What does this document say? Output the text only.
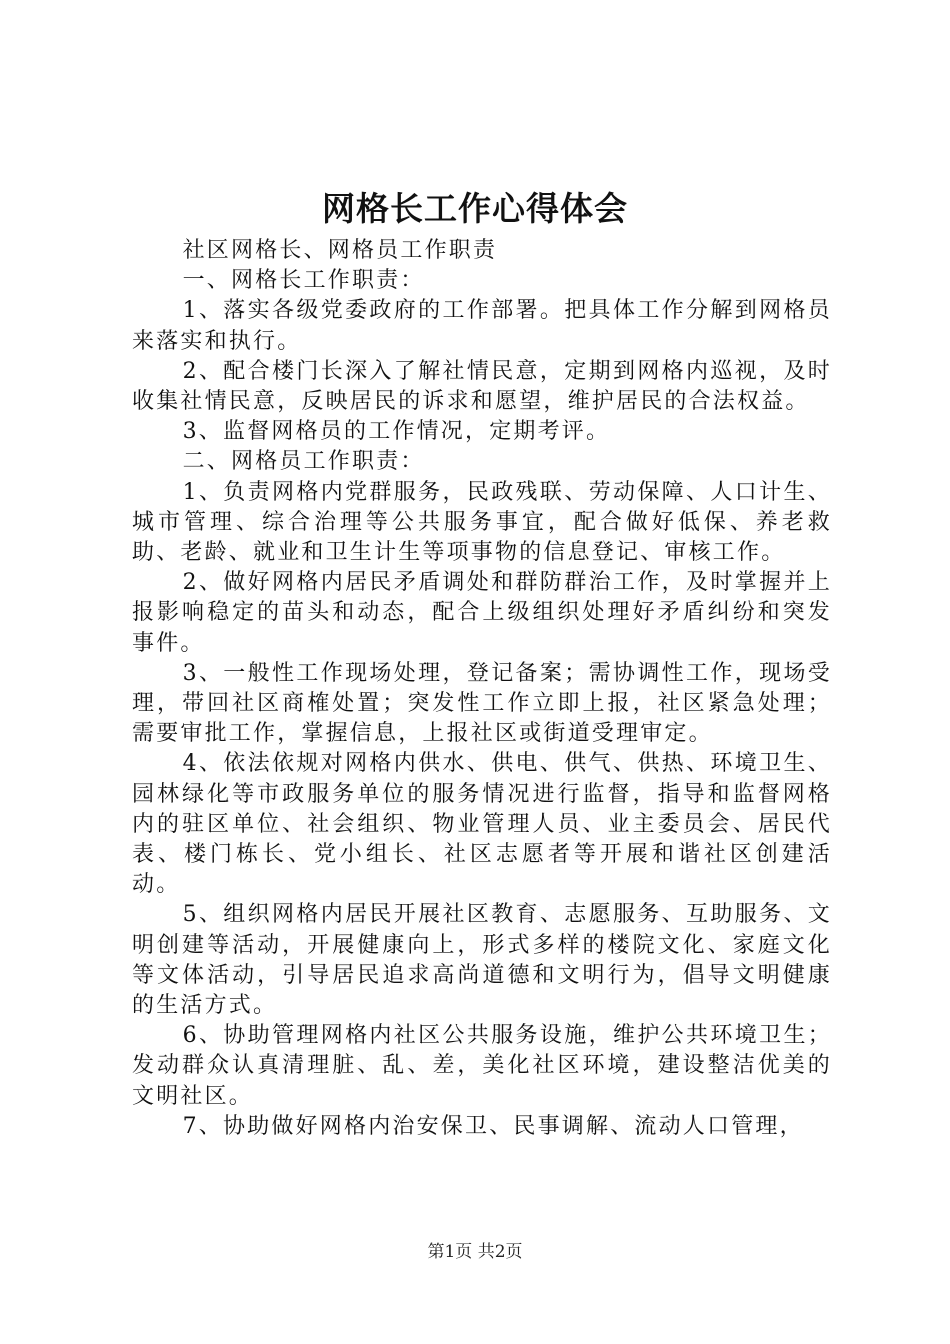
网格长工作心得体会

社区网格长、网格员工作职责

一、网格长工作职责：

1、落实各级党委政府的工作部署。把具体工作分解到网格员来落实和执行。

2、配合楼门长深入了解社情民意，定期到网格内巡视，及时收集社情民意，反映居民的诉求和愿望，维护居民的合法权益。

3、监督网格员的工作情况，定期考评。

二、网格员工作职责：

1、负责网格内党群服务，民政残联、劳动保障、人口计生、城市管理、综合治理等公共服务事宜，配合做好低保、养老救助、老龄、就业和卫生计生等项事物的信息登记、审核工作。

2、做好网格内居民矛盾调处和群防群治工作，及时掌握并上报影响稳定的苗头和动态，配合上级组织处理好矛盾纠纷和突发事件。

3、一般性工作现场处理，登记备案；需协调性工作，现场受理，带回社区商榷处置；突发性工作立即上报，社区紧急处理；需要审批工作，掌握信息，上报社区或街道受理审定。

4、依法依规对网格内供水、供电、供气、供热、环境卫生、园林绿化等市政服务单位的服务情况进行监督，指导和监督网格内的驻区单位、社会组织、物业管理人员、业主委员会、居民代表、楼门栋长、党小组长、社区志愿者等开展和谐社区创建活动。

5、组织网格内居民开展社区教育、志愿服务、互助服务、文明创建等活动，开展健康向上，形式多样的楼院文化、家庭文化等文体活动，引导居民追求高尚道德和文明行为，倡导文明健康的生活方式。

6、协助管理网格内社区公共服务设施，维护公共环境卫生；发动群众认真清理脏、乱、差，美化社区环境，建设整洁优美的文明社区。

7、协助做好网格内治安保卫、民事调解、流动人口管理，

第1页 共2页
